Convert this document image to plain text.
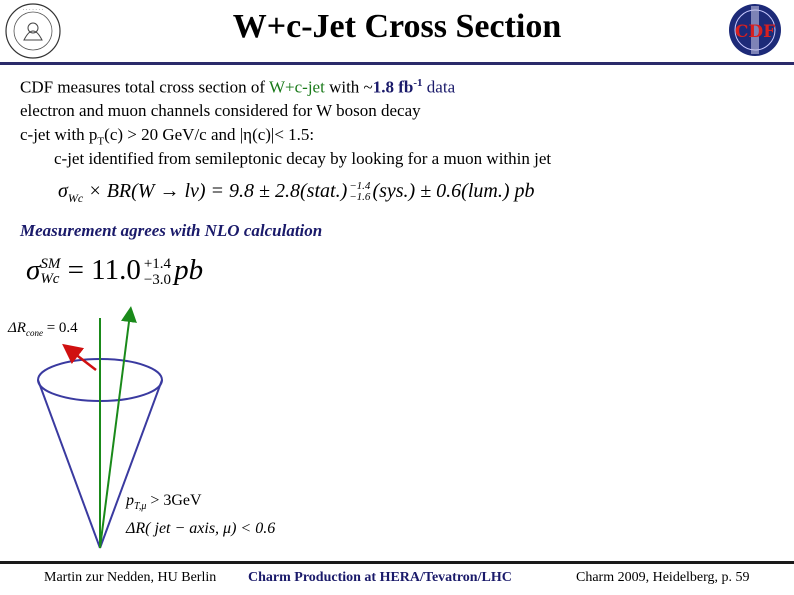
· · · · · · ·	W+c-Jet Cross Section	CDF
CDF measures total cross section of W+c-jet with ~1.8 $fb^{-1}$ data
electron and muon channels considered for W boson decay
c-jet with $p_T(c) > 20$ GeV/c and |η(c)|< 1.5:
c-jet identified from semileptonic decay by looking for a muon within jet
$\sigma_{Wc} \times BR(W \to l\nu) = 9.8$ ± 2.8(stat.) −1.4
−1.6 (sys.) ± 0.6(lum.) pb
Measurement agrees with NLO calculation
σ SM
Wc = 11.0 +1.4
−3.0 pb
$\Delta R_{cone} = 0.4$
$p_{T,\mu} > 3GeV$
ΔR( jet − axis, μ) < 0.6
Martin zur Nedden, HU Berlin Charm Production at HERA/Tevatron/LHC	Charm 2009, Heidelberg, p. 59
